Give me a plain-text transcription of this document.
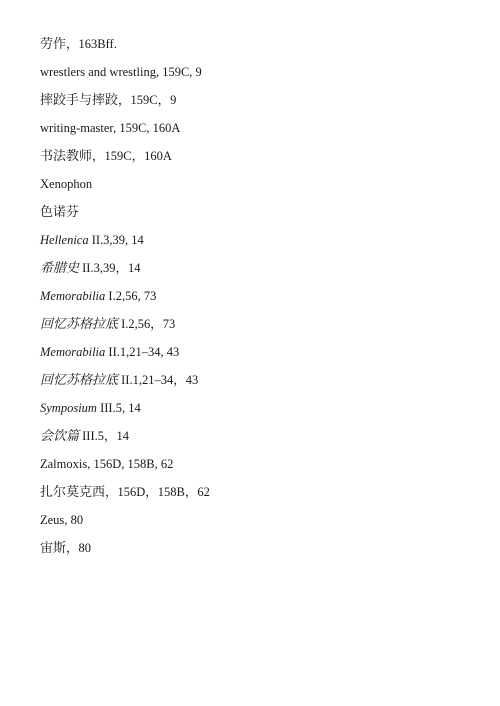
劳作，163Bff.
wrestlers and wrestling, 159C, 9
摔跤手与摔跤，159C，9
writing-master, 159C, 160A
书法教师，159C，160A
Xenophon
色诺芬
Hellenica II.3,39, 14
希腊史 II.3,39，14
Memorabilia I.2,56, 73
回忆苏格拉底 I.2,56，73
Memorabilia II.1,21–34, 43
回忆苏格拉底 II.1,21–34，43
Symposium III.5, 14
会饮篇 III.5，14
Zalmoxis, 156D, 158B, 62
扎尔莫克西，156D，158B，62
Zeus, 80
宙斯，80
